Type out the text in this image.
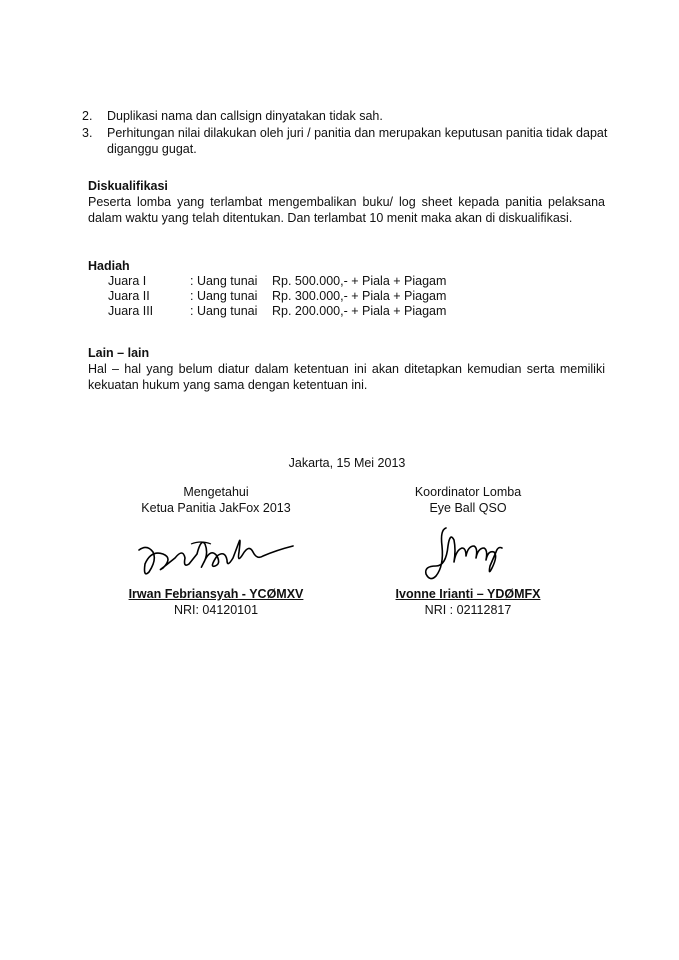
2. Duplikasi nama dan callsign dinyatakan tidak sah.
3. Perhitungan nilai dilakukan oleh juri / panitia dan merupakan keputusan panitia tidak dapat diganggu gugat.
Diskualifikasi
Peserta lomba yang terlambat mengembalikan buku/ log sheet kepada panitia pelaksana dalam waktu yang telah ditentukan. Dan terlambat 10 menit maka akan di diskualifikasi.
Hadiah
Juara I	: Uang tunai	Rp. 500.000,- + Piala + Piagam
Juara II	: Uang tunai	Rp. 300.000,- + Piala + Piagam
Juara III	: Uang tunai	Rp. 200.000,- + Piala + Piagam
Lain – lain
Hal – hal yang belum diatur dalam ketentuan ini akan ditetapkan kemudian serta memiliki kekuatan hukum yang sama dengan ketentuan ini.
Jakarta, 15 Mei 2013
Mengetahui
Ketua Panitia JakFox 2013
Irwan Febriansyah - YCØMXV
NRI: 04120101
Koordinator Lomba
Eye Ball QSO
Ivonne Irianti – YDØMFX
NRI : 02112817
